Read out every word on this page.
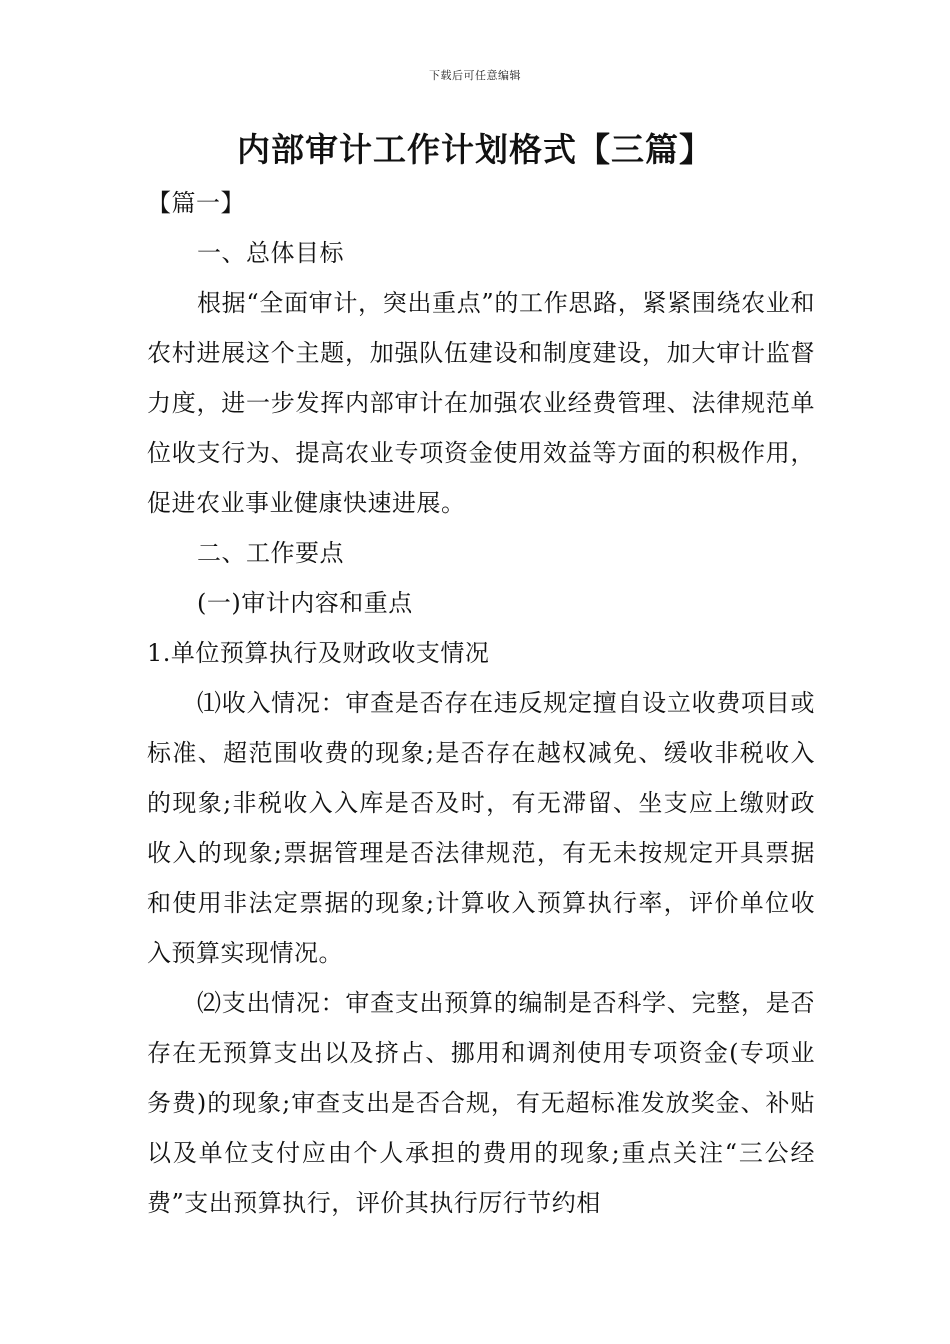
下载后可任意编辑
内部审计工作计划格式【三篇】

【篇一】

一、总体目标

根据“全面审计，突出重点”的工作思路，紧紧围绕农业和农村进展这个主题，加强队伍建设和制度建设，加大审计监督力度，进一步发挥内部审计在加强农业经费管理、法律规范单位收支行为、提高农业专项资金使用效益等方面的积极作用，促进农业事业健康快速进展。

二、工作要点

(一)审计内容和重点

1.单位预算执行及财政收支情况

⑴收入情况：审查是否存在违反规定擅自设立收费项目或标准、超范围收费的现象;是否存在越权减免、缓收非税收入的现象;非税收入入库是否及时，有无滞留、坐支应上缴财政收入的现象;票据管理是否法律规范，有无未按规定开具票据和使用非法定票据的现象;计算收入预算执行率，评价单位收入预算实现情况。

⑵支出情况：审查支出预算的编制是否科学、完整，是否存在无预算支出以及挤占、挪用和调剂使用专项资金(专项业务费)的现象;审查支出是否合规，有无超标准发放奖金、补贴以及单位支付应由个人承担的费用的现象;重点关注“三公经费”支出预算执行，评价其执行厉行节约相
